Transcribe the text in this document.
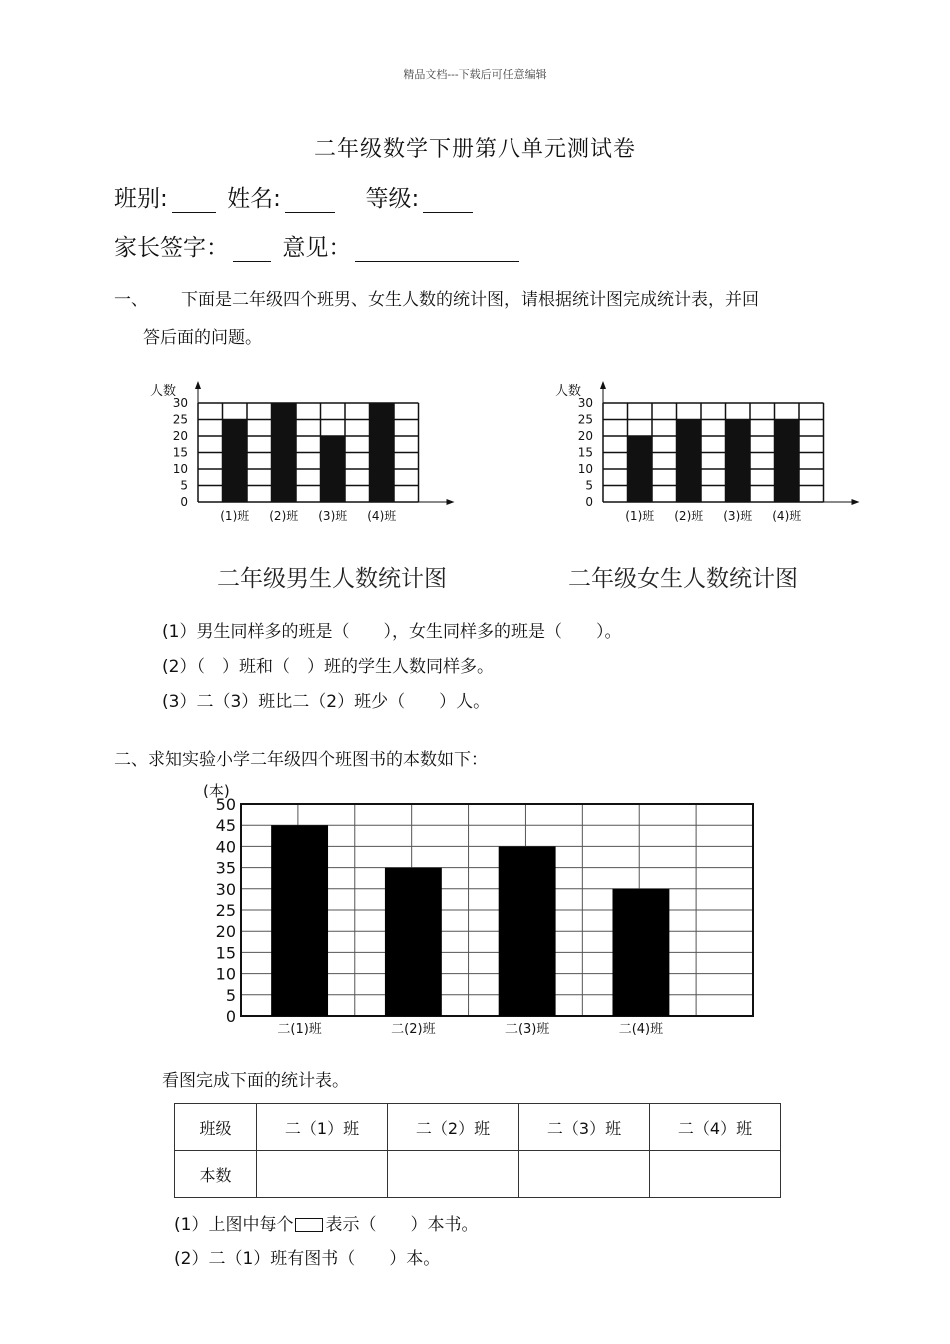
精品文档---下载后可任意编辑
二年级数学下册第八单元测试卷
班别:	姓名:	等级:
家长签字： 意见：
一、 下面是二年级四个班男、女生人数的统计图，请根据统计图完成统计表，并回
答后面的问题。
人数
0
5
10
15
20
25
30
(1)班 (2)班 (3)班 (4)班
二年级男生人数统计图
人数
0
5
10
15
20
25
30
(1)班 (2)班 (3)班 (4)班
二年级女生人数统计图
(1）男生同样多的班是（　　），女生同样多的班是（　　）。
(2）（　）班和（　）班的学生人数同样多。
(3）二（3）班比二（2）班少（　　）人。
二、求知实验小学二年级四个班图书的本数如下：
(本)
0
5
10
15
20
25
30
35
40
45
50
二(1)班	二(2)班	二(3)班	二(4)班
看图完成下面的统计表。
班级	二（1）班	二（2）班	二（3）班	二（4）班
本数				
(1）上图中每个 表示（　　）本书。
(2）二（1）班有图书（　　）本。
